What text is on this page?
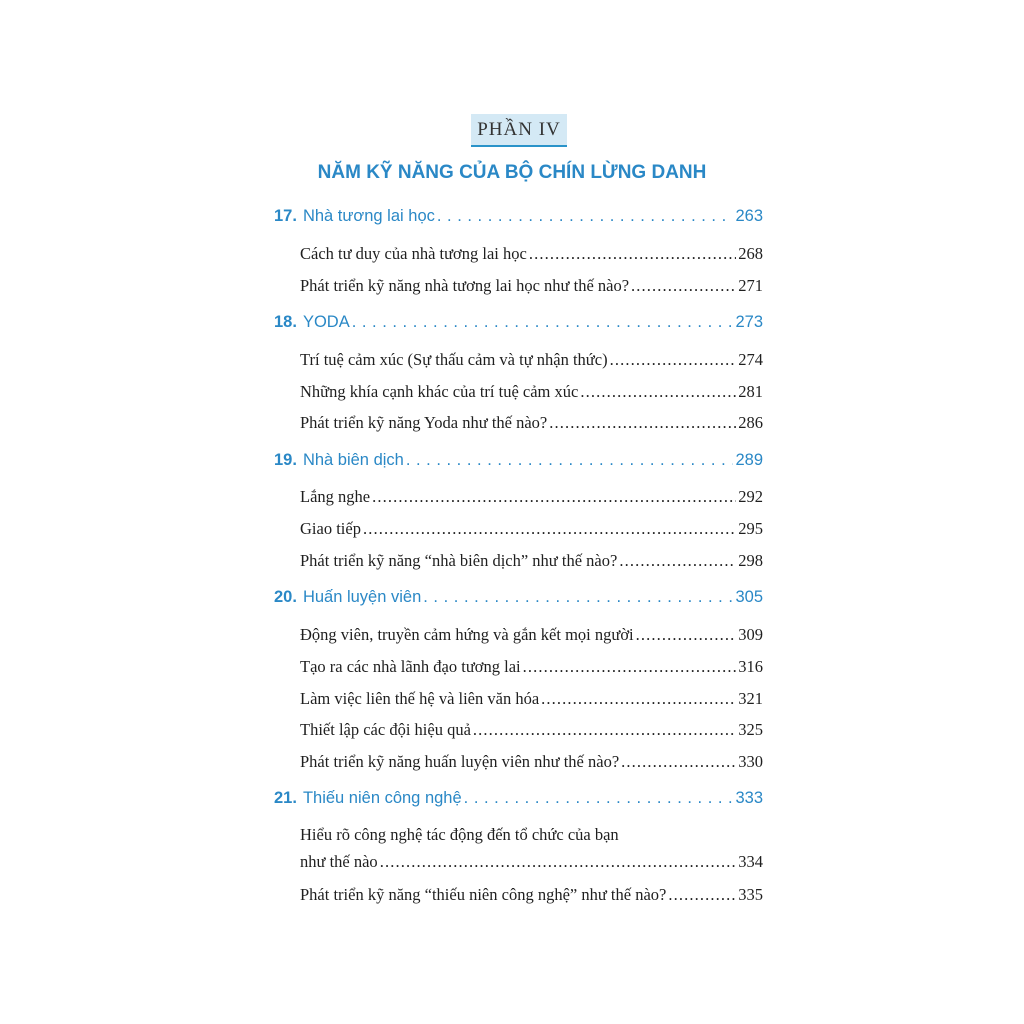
PHẦN IV
NĂM KỸ NĂNG CỦA BỘ CHÍN LỪNG DANH
17. Nhà tương lai học . . .	263
Cách tư duy của nhà tương lai học . . .	268
Phát triển kỹ năng nhà tương lai học như thế nào? . . .	271
18. YODA . . .	273
Trí tuệ cảm xúc (Sự thấu cảm và tự nhận thức) . . .	274
Những khía cạnh khác của trí tuệ cảm xúc . . .	281
Phát triển kỹ năng Yoda như thế nào? . . .	286
19. Nhà biên dịch . . .	289
Lắng nghe . . .	292
Giao tiếp . . .	295
Phát triển kỹ năng “nhà biên dịch” như thế nào? . . .	298
20. Huấn luyện viên . . .	305
Động viên, truyền cảm hứng và gắn kết mọi người . . .	309
Tạo ra các nhà lãnh đạo tương lai . . .	316
Làm việc liên thế hệ và liên văn hóa . . .	321
Thiết lập các đội hiệu quả . . .	325
Phát triển kỹ năng huấn luyện viên như thế nào? . . .	330
21. Thiếu niên công nghệ . . .	333
Hiểu rõ công nghệ tác động đến tổ chức của bạn
như thế nào . . .	334
Phát triển kỹ năng “thiếu niên công nghệ” như thế nào? . . .	335
